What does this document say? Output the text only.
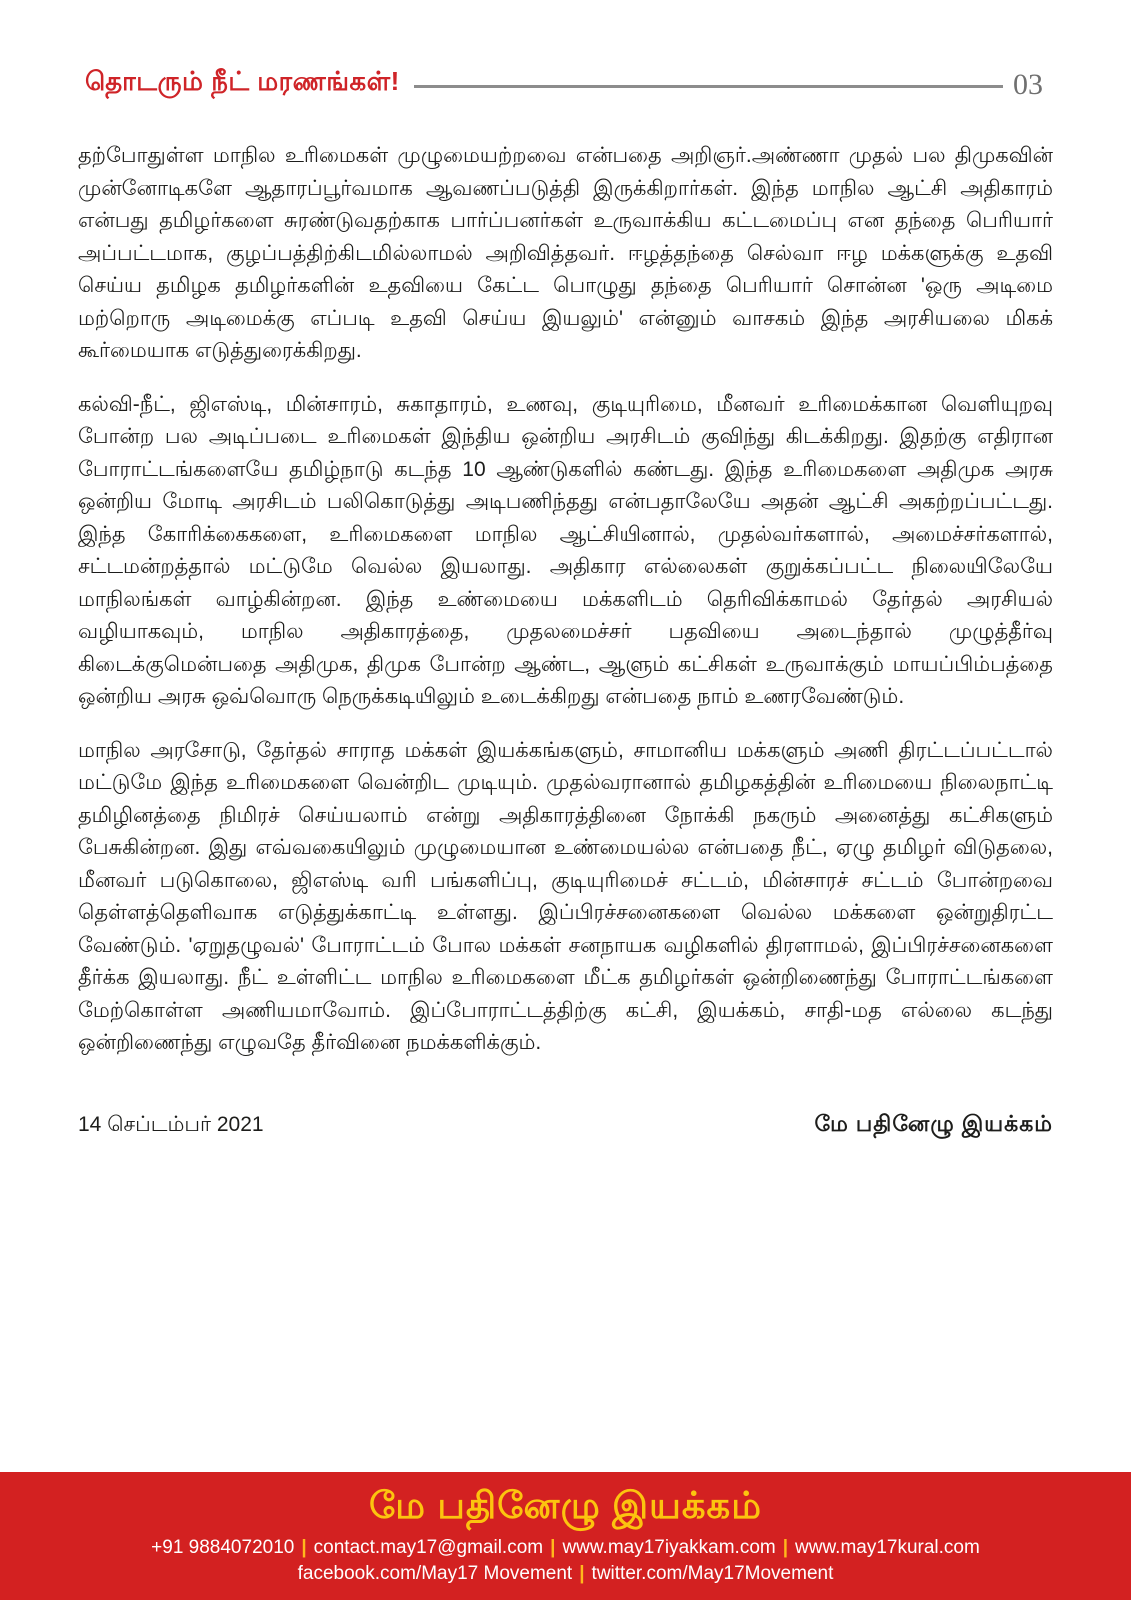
தொடரும் நீட் மரணங்கள்!	03

தற்போதுள்ள மாநில உரிமைகள் முழுமையற்றவை என்பதை அறிஞர்.அண்ணா முதல் பல திமுகவின் முன்னோடிகளே ஆதாரப்பூர்வமாக ஆவணப்படுத்தி இருக்கிறார்கள். இந்த மாநில ஆட்சி அதிகாரம் என்பது தமிழர்களை சுரண்டுவதற்காக பார்ப்பனர்கள் உருவாக்கிய கட்டமைப்பு என தந்தை பெரியார் அப்பட்டமாக, குழப்பத்திற்கிடமில்லாமல் அறிவித்தவர். ஈழத்தந்தை செல்வா ஈழ மக்களுக்கு உதவி செய்ய தமிழக தமிழர்களின் உதவியை கேட்ட பொழுது தந்தை பெரியார் சொன்ன 'ஒரு அடிமை மற்றொரு அடிமைக்கு எப்படி உதவி செய்ய இயலும்' என்னும் வாசகம் இந்த அரசியலை மிகக் கூர்மையாக எடுத்துரைக்கிறது.

கல்வி-நீட், ஜிஎஸ்டி, மின்சாரம், சுகாதாரம், உணவு, குடியுரிமை, மீனவர் உரிமைக்கான வெளியுறவு போன்ற பல அடிப்படை உரிமைகள் இந்திய ஒன்றிய அரசிடம் குவிந்து கிடக்கிறது. இதற்கு எதிரான போராட்டங்களையே தமிழ்நாடு கடந்த 10 ஆண்டுகளில் கண்டது. இந்த உரிமைகளை அதிமுக அரசு ஒன்றிய மோடி அரசிடம் பலிகொடுத்து அடிபணிந்தது என்பதாலேயே அதன் ஆட்சி அகற்றப்பட்டது. இந்த கோரிக்கைகளை, உரிமைகளை மாநில ஆட்சியினால், முதல்வர்களால், அமைச்சர்களால், சட்டமன்றத்தால் மட்டுமே வெல்ல இயலாது. அதிகார எல்லைகள் குறுக்கப்பட்ட நிலையிலேயே மாநிலங்கள் வாழ்கின்றன. இந்த உண்மையை மக்களிடம் தெரிவிக்காமல் தேர்தல் அரசியல் வழியாகவும், மாநில அதிகாரத்தை, முதலமைச்சர் பதவியை அடைந்தால் முழுத்தீர்வு கிடைக்குமென்பதை அதிமுக, திமுக போன்ற ஆண்ட, ஆளும் கட்சிகள் உருவாக்கும் மாயப்பிம்பத்தை ஒன்றிய அரசு ஒவ்வொரு நெருக்கடியிலும் உடைக்கிறது என்பதை நாம் உணரவேண்டும்.

மாநில அரசோடு, தேர்தல் சாராத மக்கள் இயக்கங்களும், சாமானிய மக்களும் அணி திரட்டப்பட்டால் மட்டுமே இந்த உரிமைகளை வென்றிட முடியும். முதல்வரானால் தமிழகத்தின் உரிமையை நிலைநாட்டி தமிழினத்தை நிமிரச் செய்யலாம் என்று அதிகாரத்தினை நோக்கி நகரும் அனைத்து கட்சிகளும் பேசுகின்றன. இது எவ்வகையிலும் முழுமையான உண்மையல்ல என்பதை நீட், ஏழு தமிழர் விடுதலை, மீனவர் படுகொலை, ஜிஎஸ்டி வரி பங்களிப்பு, குடியுரிமைச் சட்டம், மின்சாரச் சட்டம் போன்றவை தெள்ளத்தெளிவாக எடுத்துக்காட்டி உள்ளது. இப்பிரச்சனைகளை வெல்ல மக்களை ஒன்றுதிரட்ட வேண்டும். 'ஏறுதழுவல்' போராட்டம் போல மக்கள் சனநாயக வழிகளில் திரளாமல், இப்பிரச்சனைகளை தீர்க்க இயலாது. நீட் உள்ளிட்ட மாநில உரிமைகளை மீட்க தமிழர்கள் ஒன்றிணைந்து போராட்டங்களை மேற்கொள்ள அணியமாவோம். இப்போராட்டத்திற்கு கட்சி, இயக்கம், சாதி-மத எல்லை கடந்து ஒன்றிணைந்து எழுவதே தீர்வினை நமக்களிக்கும்.

14 செப்டம்பர் 2021	மே பதினேழு இயக்கம்
மே பதினேழு இயக்கம்
+91 9884072010 | contact.may17@gmail.com | www.may17iyakkam.com | www.may17kural.com
facebook.com/May17 Movement | twitter.com/May17Movement
